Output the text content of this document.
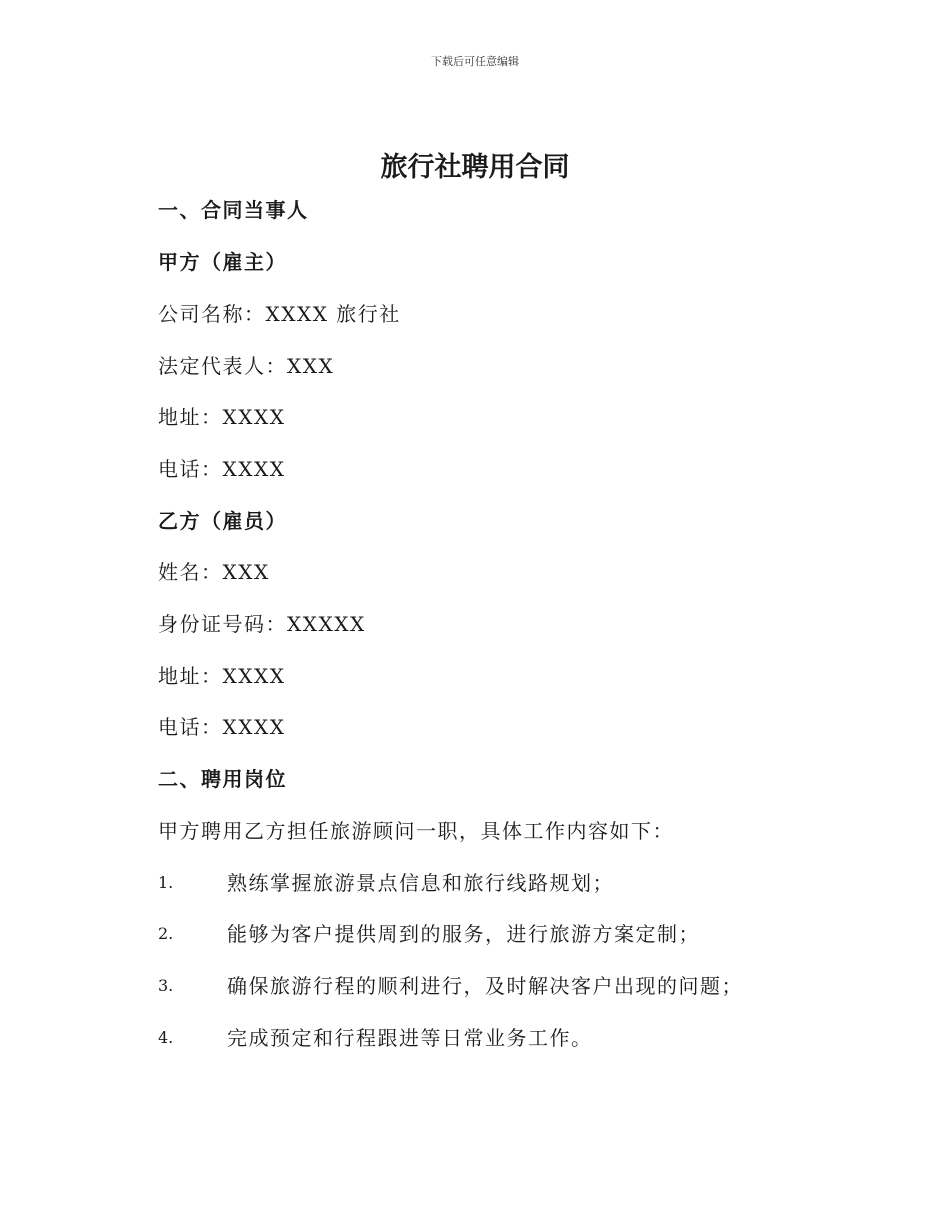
下载后可任意编辑
旅行社聘用合同
一、合同当事人
甲方（雇主）
公司名称：XXXX 旅行社
法定代表人：XXX
地址：XXXX
电话：XXXX
乙方（雇员）
姓名：XXX
身份证号码：XXXXX
地址：XXXX
电话：XXXX
二、聘用岗位
甲方聘用乙方担任旅游顾问一职，具体工作内容如下：
1.	熟练掌握旅游景点信息和旅行线路规划；
2.	能够为客户提供周到的服务，进行旅游方案定制；
3.	确保旅游行程的顺利进行，及时解决客户出现的问题；
4.	完成预定和行程跟进等日常业务工作。
